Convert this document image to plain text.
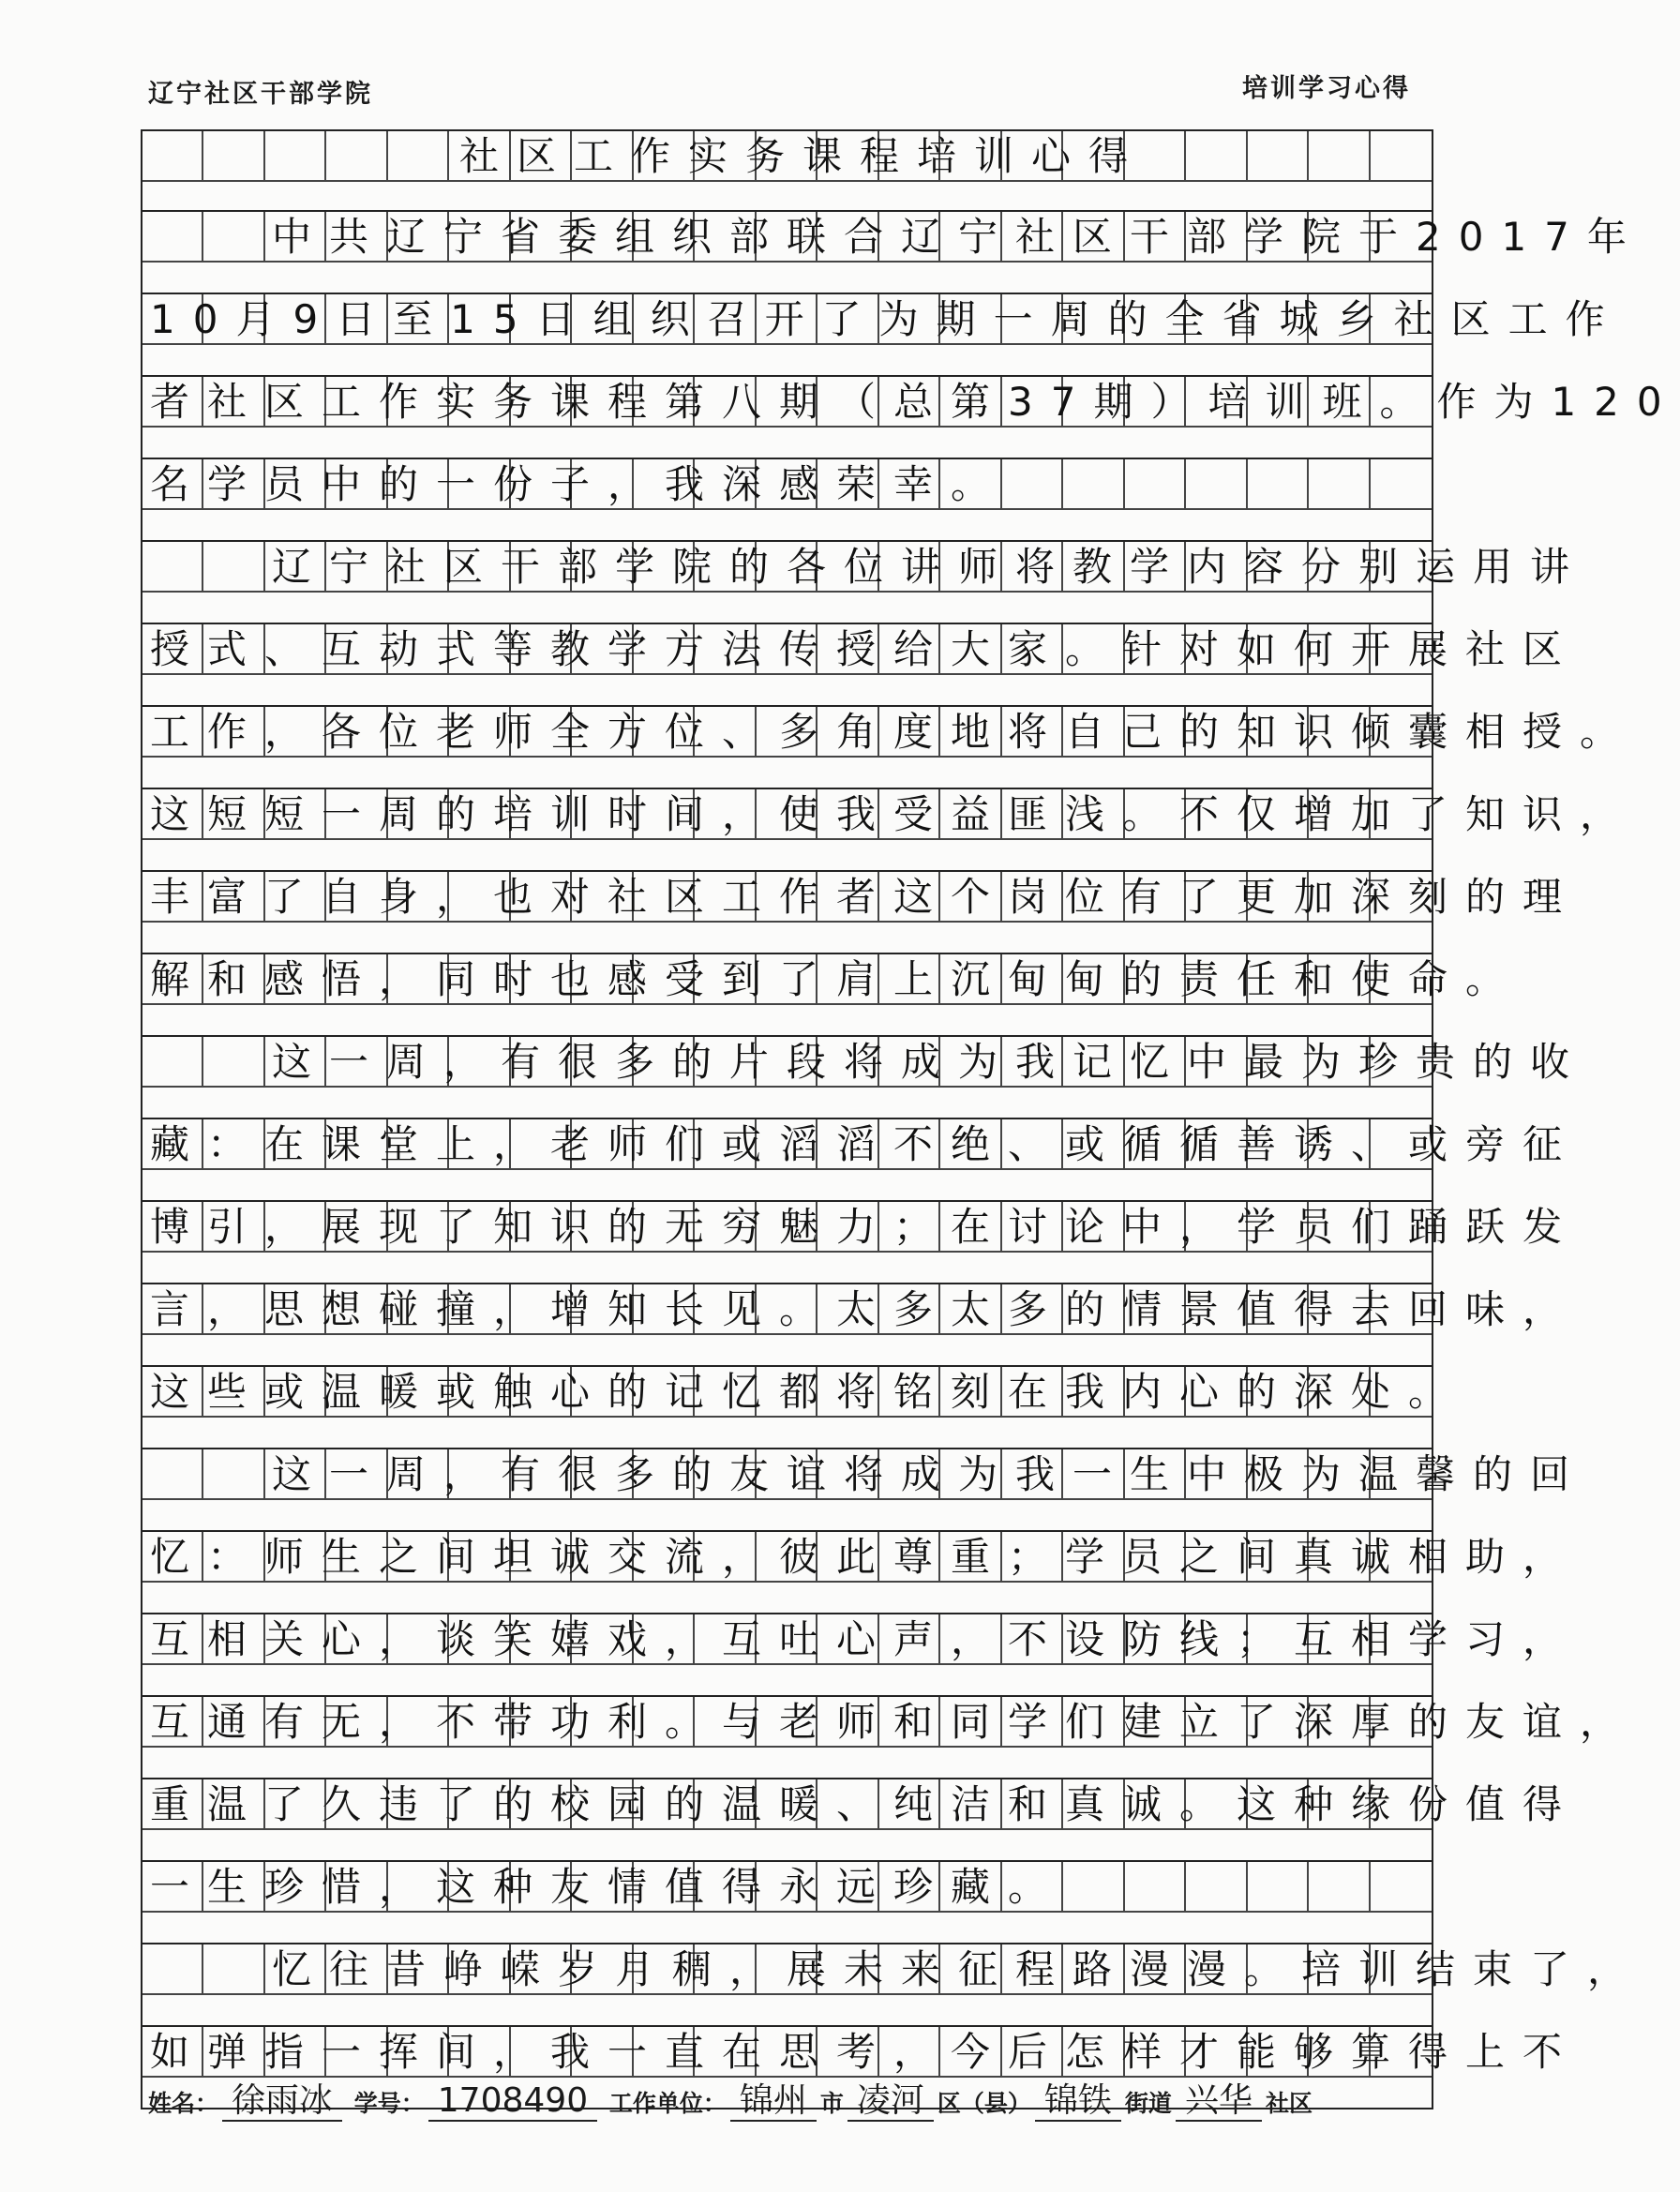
辽宁社区干部学院	培训学习心得
社区工作实务课程培训心得
中共辽宁省委组织部联合辽宁社区干部学院于2017年
10月9日至15日组织召开了为期一周的全省城乡社区工作
者社区工作实务课程第八期（总第37期）培训班。作为120
名学员中的一份子，我深感荣幸。
辽宁社区干部学院的各位讲师将教学内容分别运用讲
授式、互动式等教学方法传授给大家。针对如何开展社区
工作，各位老师全方位、多角度地将自己的知识倾囊相授。
这短短一周的培训时间，使我受益匪浅。不仅增加了知识，
丰富了自身，也对社区工作者这个岗位有了更加深刻的理
解和感悟，同时也感受到了肩上沉甸甸的责任和使命。
这一周，有很多的片段将成为我记忆中最为珍贵的收
藏：在课堂上，老师们或滔滔不绝、或循循善诱、或旁征
博引，展现了知识的无穷魅力；在讨论中，学员们踊跃发
言，思想碰撞，增知长见。太多太多的情景值得去回味，
这些或温暖或触心的记忆都将铭刻在我内心的深处。
这一周，有很多的友谊将成为我一生中极为温馨的回
忆：师生之间坦诚交流，彼此尊重；学员之间真诚相助，
互相关心，谈笑嬉戏，互吐心声，不设防线；互相学习，
互通有无，不带功利。与老师和同学们建立了深厚的友谊，
重温了久违了的校园的温暖、纯洁和真诚。这种缘份值得
一生珍惜，这种友情值得永远珍藏。
忆往昔峥嵘岁月稠，展未来征程路漫漫。培训结束了，
如弹指一挥间，我一直在思考，今后怎样才能够算得上不
姓名： 徐雨冰 学号： 1708490 工作单位： 锦州 市 凌河 区（县） 锦铁 街道 兴华 社区
